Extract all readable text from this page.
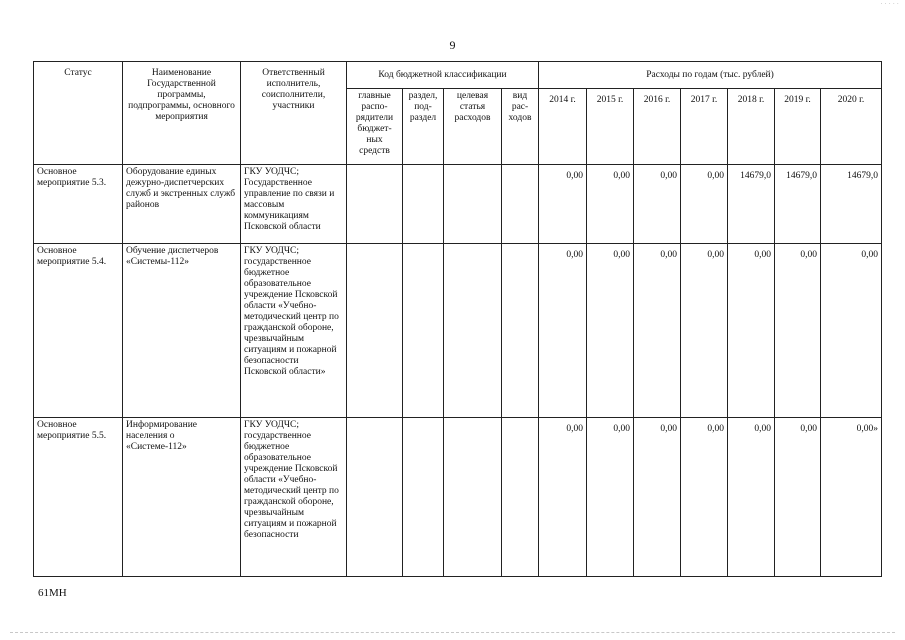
· · · · ·
9
Статус	Наименование Государственной программы, подпрограммы, основного мероприятия	Ответственный исполнитель, соисполнители, участники	Код бюджетной классификации				Расходы по годам (тыс. рублей)						
			главные распо-рядители бюджет-ных средств	раздел, под-раздел	целевая статья расходов	вид рас-ходов	2014 г.	2015 г.	2016 г.	2017 г.	2018 г.	2019 г.	2020 г.
Основное мероприятие 5.3.	Оборудование единых дежурно-диспетчерских служб и экстренных служб районов	ГКУ УОДЧС; Государственное управление по связи и массовым коммуникациям Псковской области					0,00	0,00	0,00	0,00	14679,0	14679,0	14679,0
Основное мероприятие 5.4.	Обучение диспетчеров «Системы-112»	ГКУ УОДЧС; государственное бюджетное образовательное учреждение Псковской области «Учебно-методический центр по гражданской обороне, чрезвычайным ситуациям и пожарной безопасности Псковской области»					0,00	0,00	0,00	0,00	0,00	0,00	0,00
Основное мероприятие 5.5.	Информирование населения о «Системе-112»	ГКУ УОДЧС; государственное бюджетное образовательное учреждение Псковской области «Учебно-методический центр по гражданской обороне, чрезвычайным ситуациям и пожарной безопасности					0,00	0,00	0,00	0,00	0,00	0,00	0,00»
61МН
